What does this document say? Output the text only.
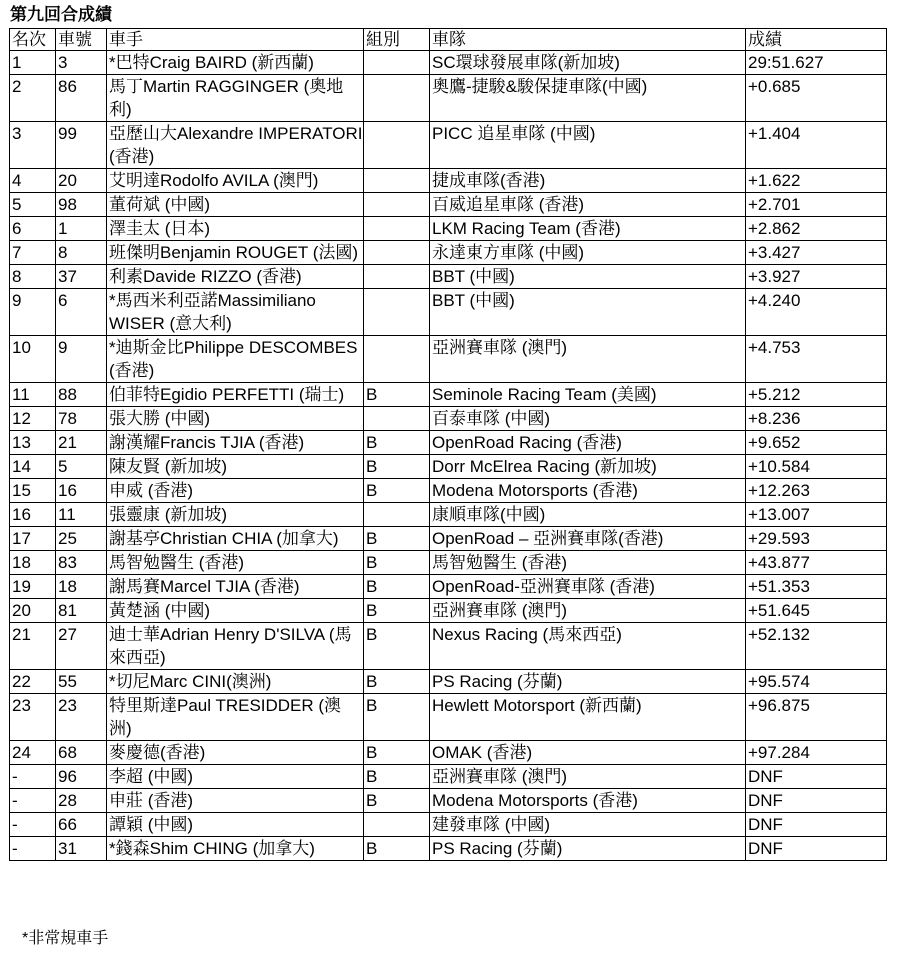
第九回合成績
名次	車號	車手	組別	車隊	成績
1	3	*巴特Craig BAIRD (新西蘭)		SC環球發展車隊(新加坡)	29:51.627
2	86	馬丁Martin RAGGINGER (奧地利)		奧鷹-捷駿&駿保捷車隊(中國)	+0.685
3	99	亞歷山大Alexandre IMPERATORI (香港)		PICC 追星車隊 (中國)	+1.404
4	20	艾明達Rodolfo AVILA (澳門)		捷成車隊(香港)	+1.622
5	98	董荷斌 (中國)		百威追星車隊 (香港)	+2.701
6	1	澤圭太 (日本)		LKM Racing Team (香港)	+2.862
7	8	班傑明Benjamin ROUGET (法國)		永達東方車隊 (中國)	+3.427
8	37	利素Davide RIZZO (香港)		BBT (中國)	+3.927
9	6	*馬西米利亞諾Massimiliano WISER (意大利)		BBT (中國)	+4.240
10	9	*迪斯金比Philippe DESCOMBES (香港)		亞洲賽車隊 (澳門)	+4.753
11	88	伯菲特Egidio PERFETTI (瑞士)	B	Seminole Racing Team (美國)	+5.212
12	78	張大勝 (中國)		百泰車隊 (中國)	+8.236
13	21	謝漢耀Francis TJIA (香港)	B	OpenRoad Racing (香港)	+9.652
14	5	陳友賢 (新加坡)	B	Dorr McElrea Racing (新加坡)	+10.584
15	16	申威 (香港)	B	Modena Motorsports (香港)	+12.263
16	11	張靈康 (新加坡)		康順車隊(中國)	+13.007
17	25	謝基亭Christian CHIA (加拿大)	B	OpenRoad – 亞洲賽車隊(香港)	+29.593
18	83	馬智勉醫生 (香港)	B	馬智勉醫生 (香港)	+43.877
19	18	謝馬賽Marcel TJIA (香港)	B	OpenRoad-亞洲賽車隊 (香港)	+51.353
20	81	黃楚涵 (中國)	B	亞洲賽車隊 (澳門)	+51.645
21	27	迪士華Adrian Henry D'SILVA (馬來西亞)	B	Nexus Racing (馬來西亞)	+52.132
22	55	*切尼Marc CINI(澳洲)	B	PS Racing (芬蘭)	+95.574
23	23	特里斯達Paul TRESIDDER (澳洲)	B	Hewlett Motorsport (新西蘭)	+96.875
24	68	麥慶德(香港)	B	OMAK (香港)	+97.284
-	96	李超 (中國)	B	亞洲賽車隊 (澳門)	DNF
-	28	申莊 (香港)	B	Modena Motorsports (香港)	DNF
-	66	譚穎 (中國)		建發車隊 (中國)	DNF
-	31	*錢森Shim CHING (加拿大)	B	PS Racing (芬蘭)	DNF
*非常規車手
